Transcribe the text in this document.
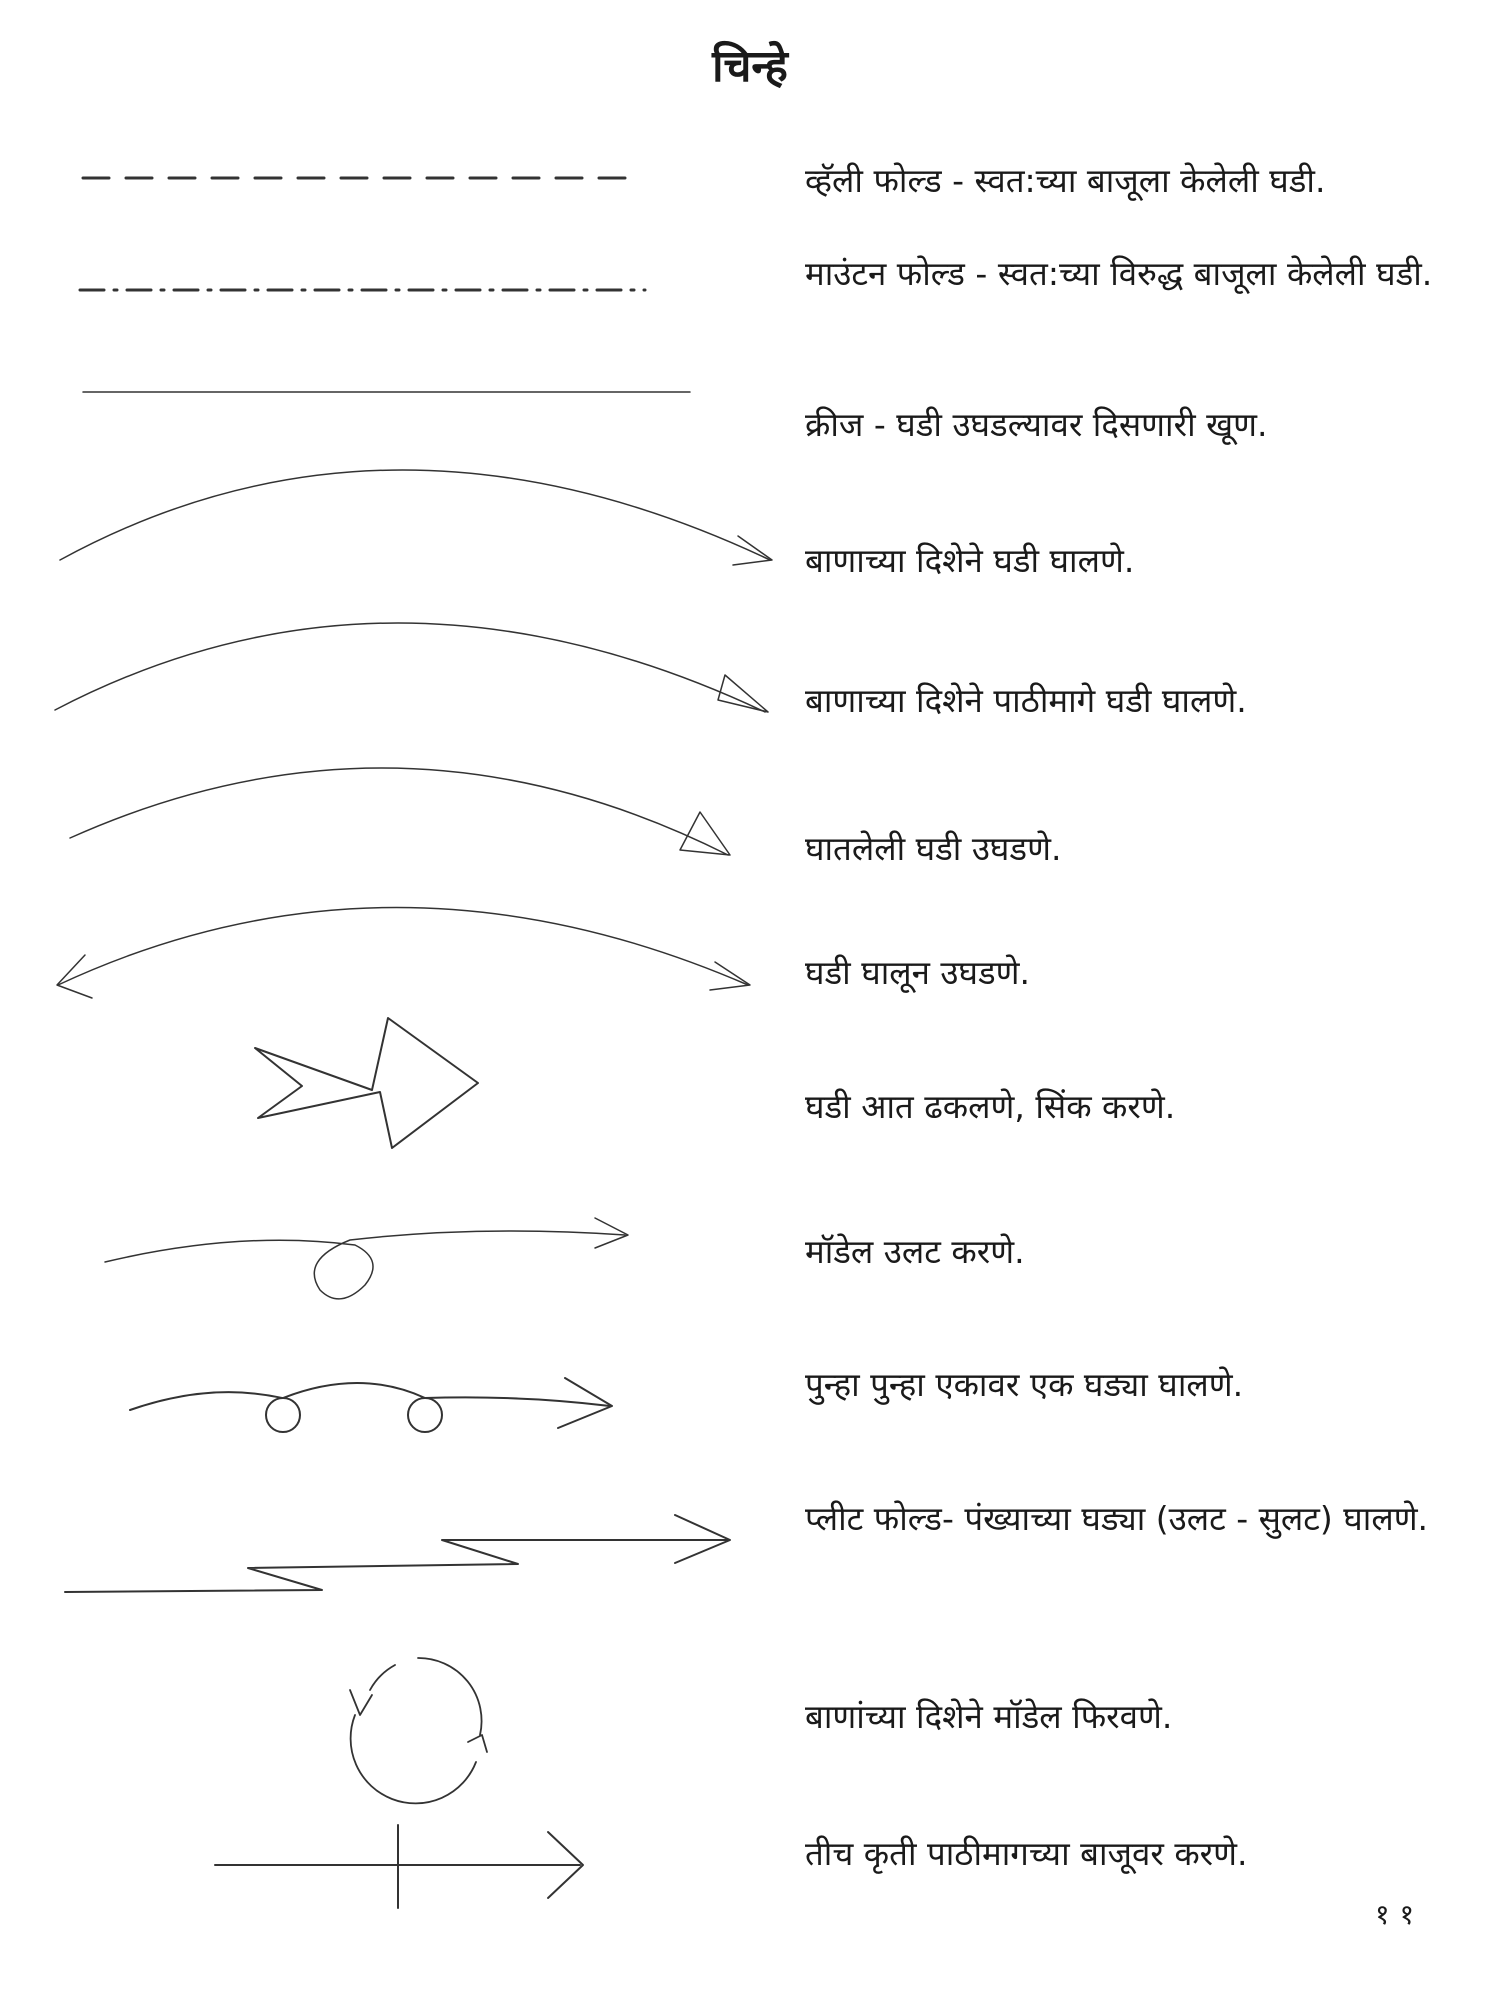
चिन्हे
व्हॅली फोल्ड - स्वत:च्या बाजूला केलेली घडी.
माउंटन फोल्ड - स्वत:च्या विरुद्ध बाजूला केलेली घडी.
क्रीज - घडी उघडल्यावर दिसणारी खूण.
बाणाच्या दिशेने घडी घालणे.
बाणाच्या दिशेने पाठीमागे घडी घालणे.
घातलेली घडी उघडणे.
घडी घालून उघडणे.
घडी आत ढकलणे, सिंक करणे.
मॉडेल उलट करणे.
पुन्हा पुन्हा एकावर एक घड्या घालणे.
प्लीट फोल्ड- पंख्याच्या घड्या (उलट - सुलट) घालणे.
बाणांच्या दिशेने मॉडेल फिरवणे.
तीच कृती पाठीमागच्या बाजूवर करणे.
११
